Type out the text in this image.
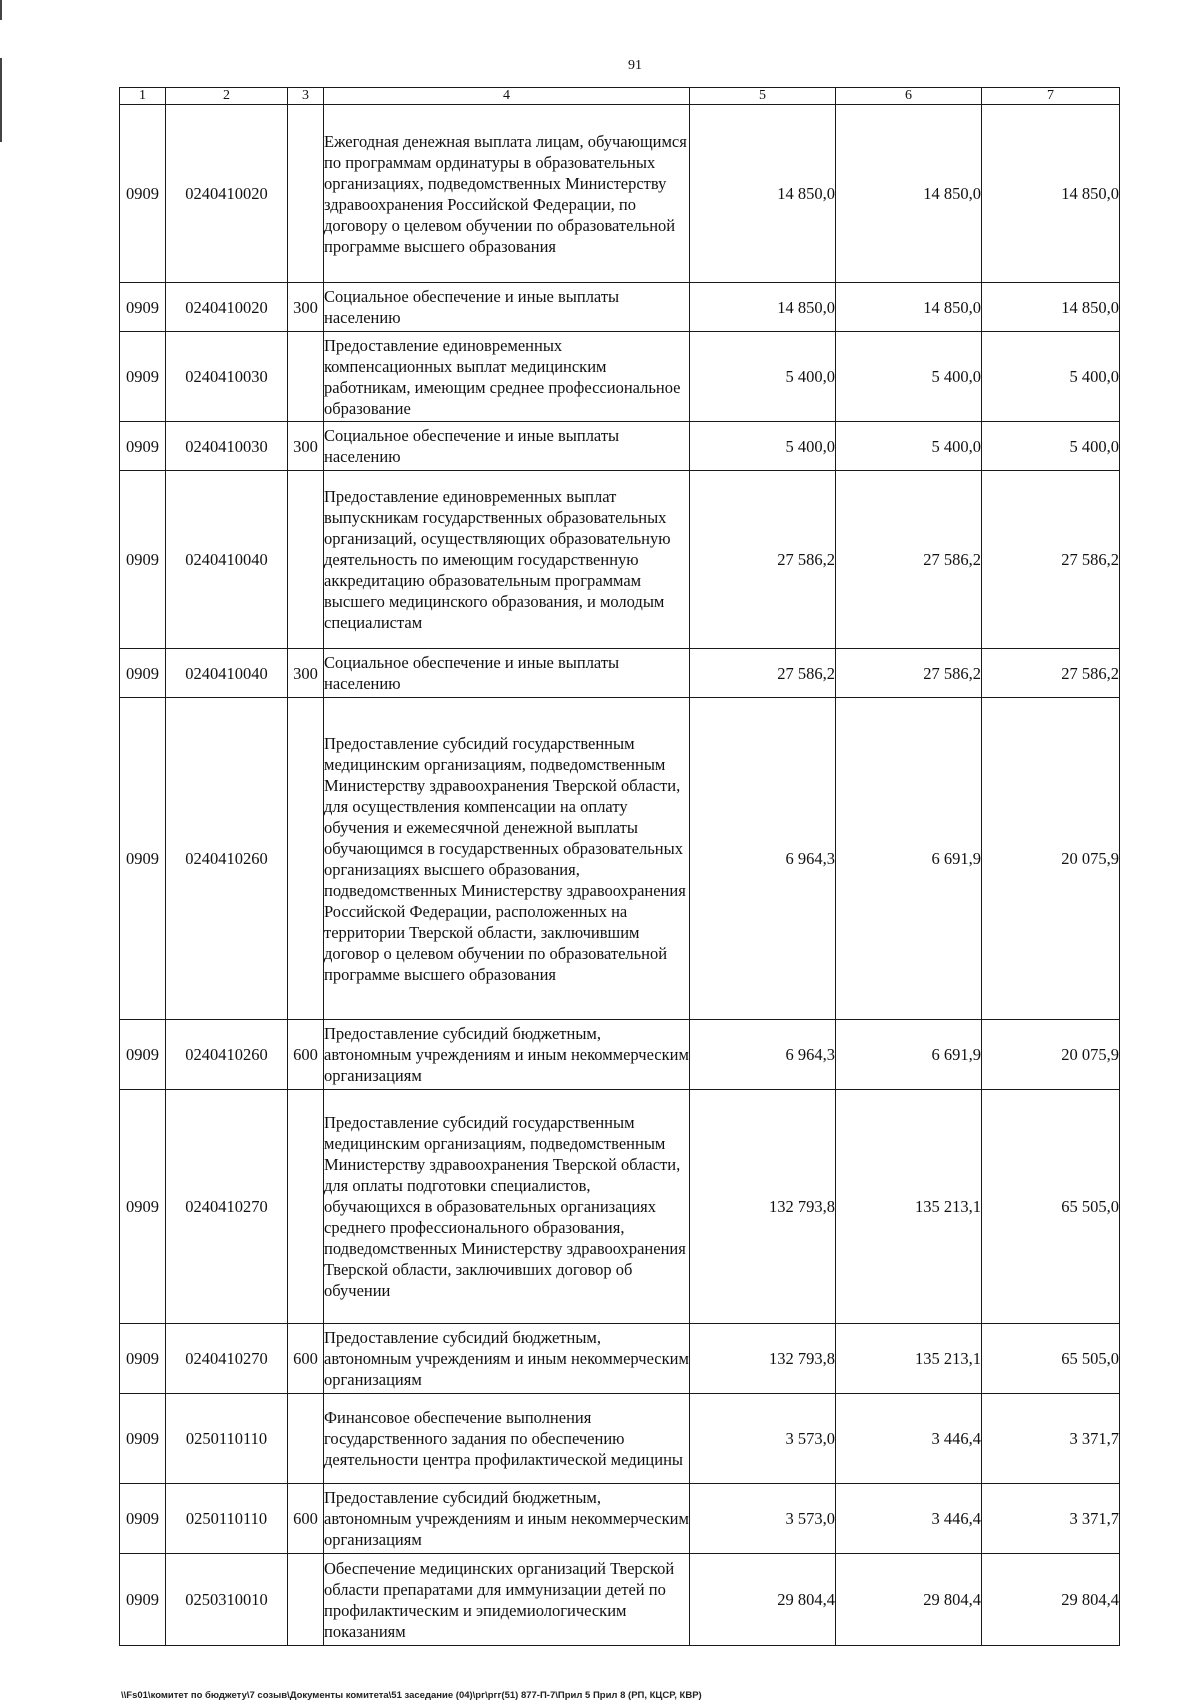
91
1	2	3	4	5	6	7
0909	0240410020		Ежегодная денежная выплата лицам, обучающимся по программам ординатуры в образовательных организациях, подведомственных Министерству здравоохранения Российской Федерации, по договору о целевом обучении по образовательной программе высшего образования	14 850,0	14 850,0	14 850,0
0909	0240410020	300	Социальное обеспечение и иные выплаты населению	14 850,0	14 850,0	14 850,0
0909	0240410030		Предоставление единовременных компенсационных выплат медицинским работникам, имеющим среднее профессиональное образование	5 400,0	5 400,0	5 400,0
0909	0240410030	300	Социальное обеспечение и иные выплаты населению	5 400,0	5 400,0	5 400,0
0909	0240410040		Предоставление единовременных выплат выпускникам государственных образовательных организаций, осуществляющих образовательную деятельность по имеющим государственную аккредитацию образовательным программам высшего медицинского образования, и молодым специалистам	27 586,2	27 586,2	27 586,2
0909	0240410040	300	Социальное обеспечение и иные выплаты населению	27 586,2	27 586,2	27 586,2
0909	0240410260		Предоставление субсидий государственным медицинским организациям, подведомственным Министерству здравоохранения Тверской области, для осуществления компенсации на оплату обучения и ежемесячной денежной выплаты обучающимся в государственных образовательных организациях высшего образования, подведомственных Министерству здравоохранения Российской Федерации, расположенных на территории Тверской области, заключившим договор о целевом обучении по образовательной программе высшего образования	6 964,3	6 691,9	20 075,9
0909	0240410260	600	Предоставление субсидий бюджетным, автономным учреждениям и иным некоммерческим организациям	6 964,3	6 691,9	20 075,9
0909	0240410270		Предоставление субсидий государственным медицинским организациям, подведомственным Министерству здравоохранения Тверской области, для оплаты подготовки специалистов, обучающихся в образовательных организациях среднего профессионального образования, подведомственных Министерству здравоохранения Тверской области, заключивших договор об обучении	132 793,8	135 213,1	65 505,0
0909	0240410270	600	Предоставление субсидий бюджетным, автономным учреждениям и иным некоммерческим организациям	132 793,8	135 213,1	65 505,0
0909	0250110110		Финансовое обеспечение выполнения государственного задания по обеспечению деятельности центра профилактической медицины	3 573,0	3 446,4	3 371,7
0909	0250110110	600	Предоставление субсидий бюджетным, автономным учреждениям и иным некоммерческим организациям	3 573,0	3 446,4	3 371,7
0909	0250310010		Обеспечение медицинских организаций Тверской области препаратами для иммунизации детей по профилактическим и эпидемиологическим показаниям	29 804,4	29 804,4	29 804,4
\\Fs01\комитет по бюджету\7 созыв\Документы комитета\51 заседание (04)\рг\ргг(51) 877-П-7\Прил 5 Прил 8 (РП, КЦСР, КВР)
